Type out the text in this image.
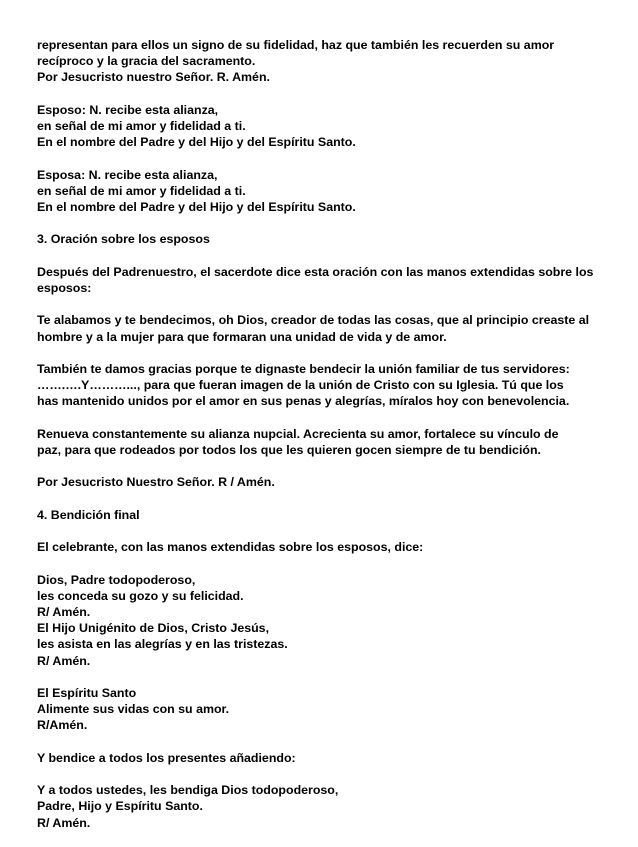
representan para ellos un signo de su fidelidad, haz que también les recuerden su amor
recíproco y la gracia del sacramento.
Por Jesucristo nuestro Señor. R. Amén.
Esposo: N. recibe esta alianza,
en señal de mi amor y fidelidad a ti.
En el nombre del Padre y del Hijo y del Espíritu Santo.
Esposa: N. recibe esta alianza,
en señal de mi amor y fidelidad a ti.
En el nombre del Padre y del Hijo y del Espíritu Santo.
3. Oración sobre los esposos
Después del Padrenuestro, el sacerdote dice esta oración con las manos extendidas sobre los
esposos:
Te alabamos y te bendecimos, oh Dios, creador de todas las cosas, que al principio creaste al
hombre y a la mujer para que formaran una unidad de vida y de amor.
También te damos gracias porque te dignaste bendecir la unión familiar de tus servidores:
…….….Y………..., para que fueran imagen de la unión de Cristo con su Iglesia. Tú que los
has mantenido unidos por el amor en sus penas y alegrías, míralos hoy con benevolencia.
Renueva constantemente su alianza nupcial. Acrecienta su amor, fortalece su vínculo de
paz, para que rodeados por todos los que les quieren gocen siempre de tu bendición.
Por Jesucristo Nuestro Señor. R / Amén.
4. Bendición final
El celebrante, con las manos extendidas sobre los esposos, dice:
Dios, Padre todopoderoso,
les conceda su gozo y su felicidad.
R/ Amén.
El Hijo Unigénito de Dios, Cristo Jesús,
les asista en las alegrías y en las tristezas.
R/ Amén.
El Espíritu Santo
Alimente sus vidas con su amor.
R/Amén.
Y bendice a todos los presentes añadiendo:
Y a todos ustedes, les bendiga Dios todopoderoso,
Padre, Hijo y Espíritu Santo.
R/ Amén.
